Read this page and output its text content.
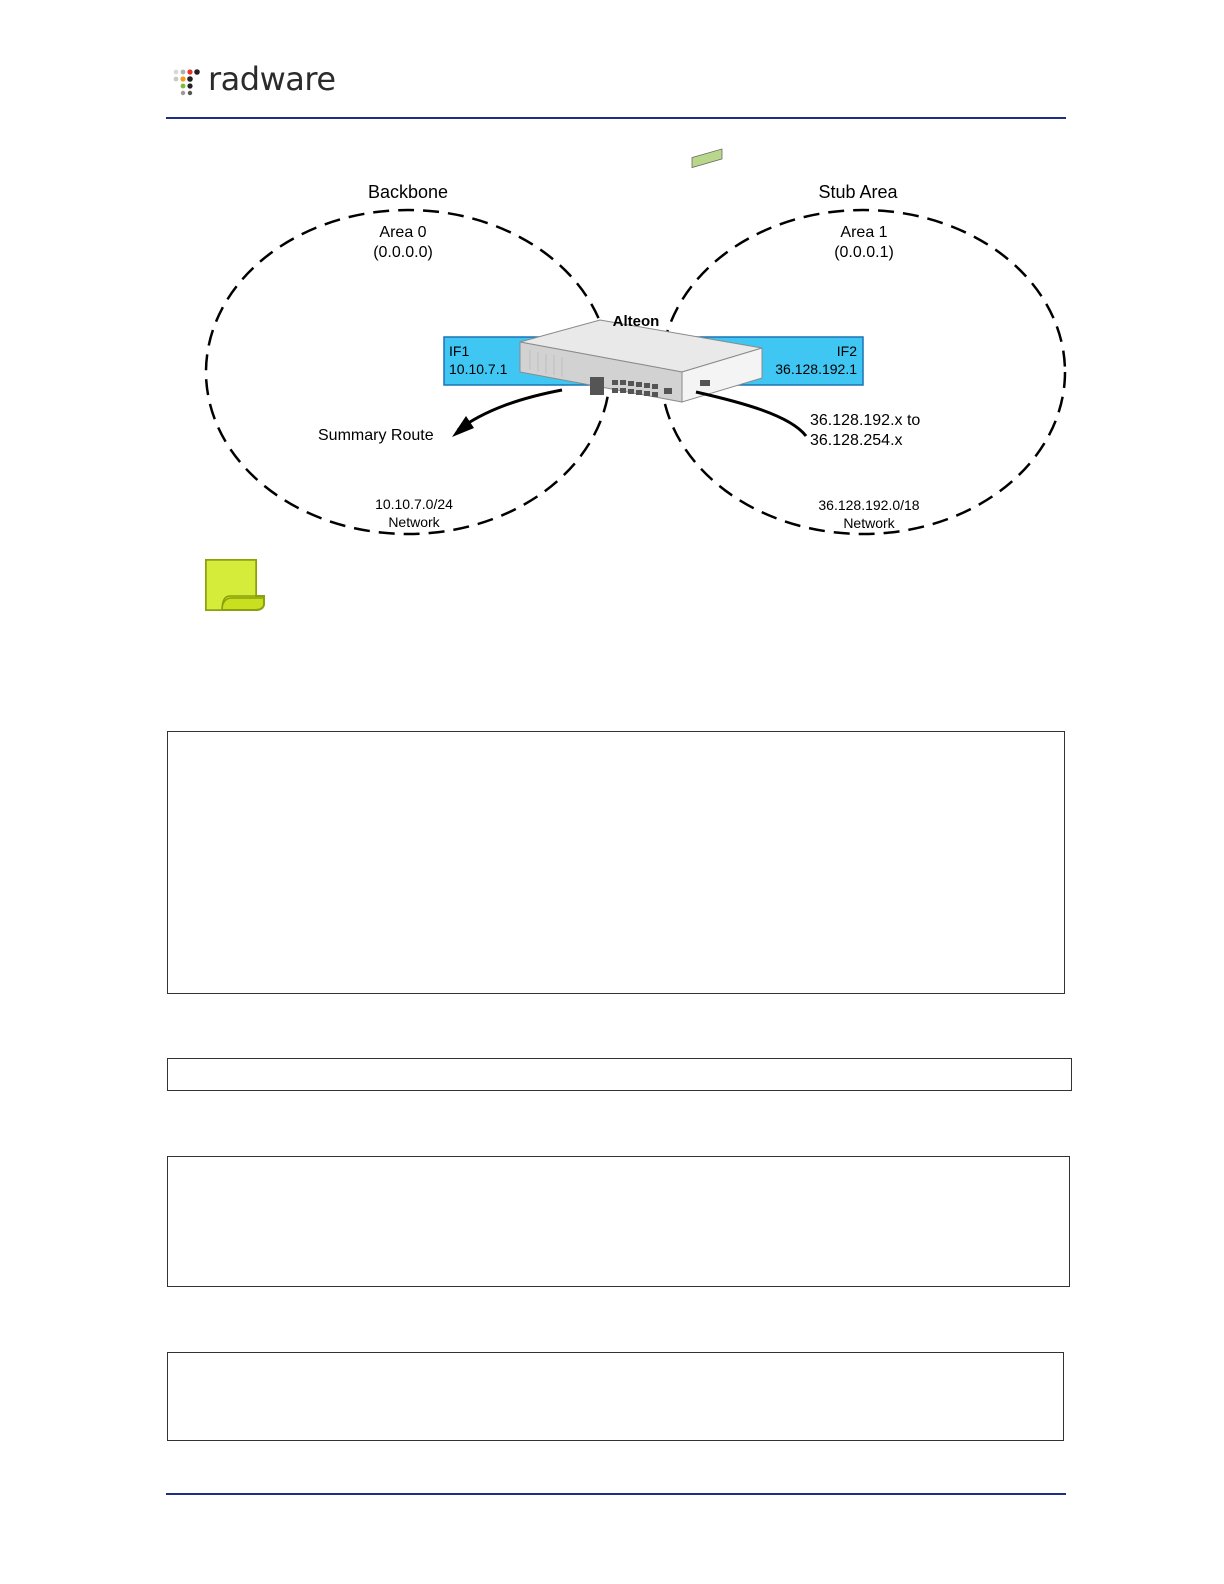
radware
Backbone
Area 0
(0.0.0.0)
Stub Area
Area 1
(0.0.0.1)
Alteon
IF1
10.10.7.1
IF2
36.128.192.1
Summary Route
36.128.192.x to
36.128.254.x
10.10.7.0/24
Network
36.128.192.0/18
Network
